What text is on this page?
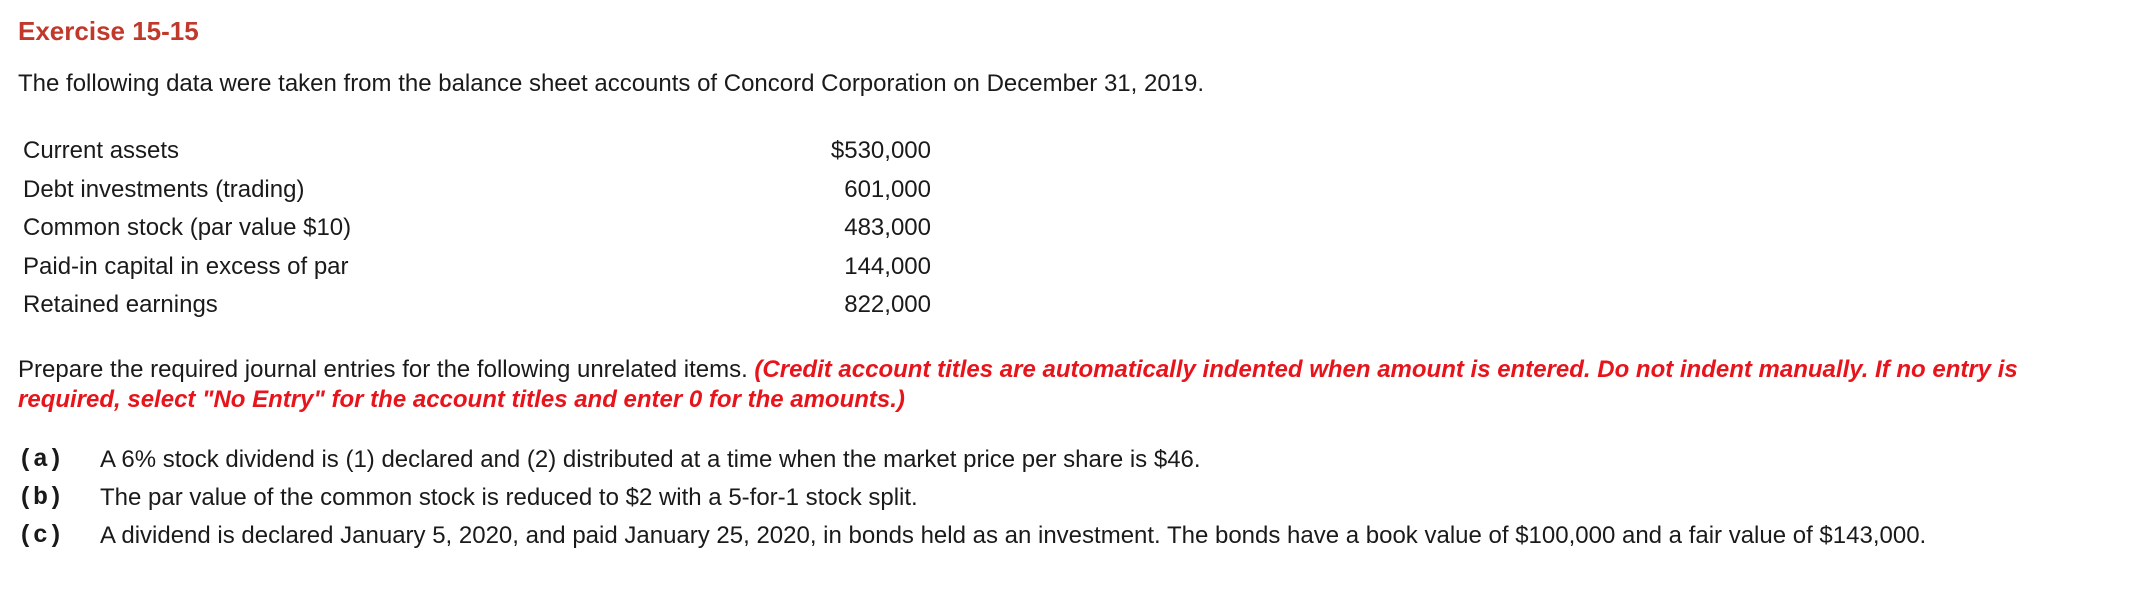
Exercise 15-15
The following data were taken from the balance sheet accounts of Concord Corporation on December 31, 2019.
Current assets	$530,000
Debt investments (trading)	601,000
Common stock (par value $10)	483,000
Paid-in capital in excess of par	144,000
Retained earnings	822,000
Prepare the required journal entries for the following unrelated items. (Credit account titles are automatically indented when amount is entered. Do not indent manually. If no entry is required, select "No Entry" for the account titles and enter 0 for the amounts.)
(a)	A 6% stock dividend is (1) declared and (2) distributed at a time when the market price per share is $46.
(b)	The par value of the common stock is reduced to $2 with a 5-for-1 stock split.
(c)	A dividend is declared January 5, 2020, and paid January 25, 2020, in bonds held as an investment. The bonds have a book value of $100,000 and a fair value of $143,000.
